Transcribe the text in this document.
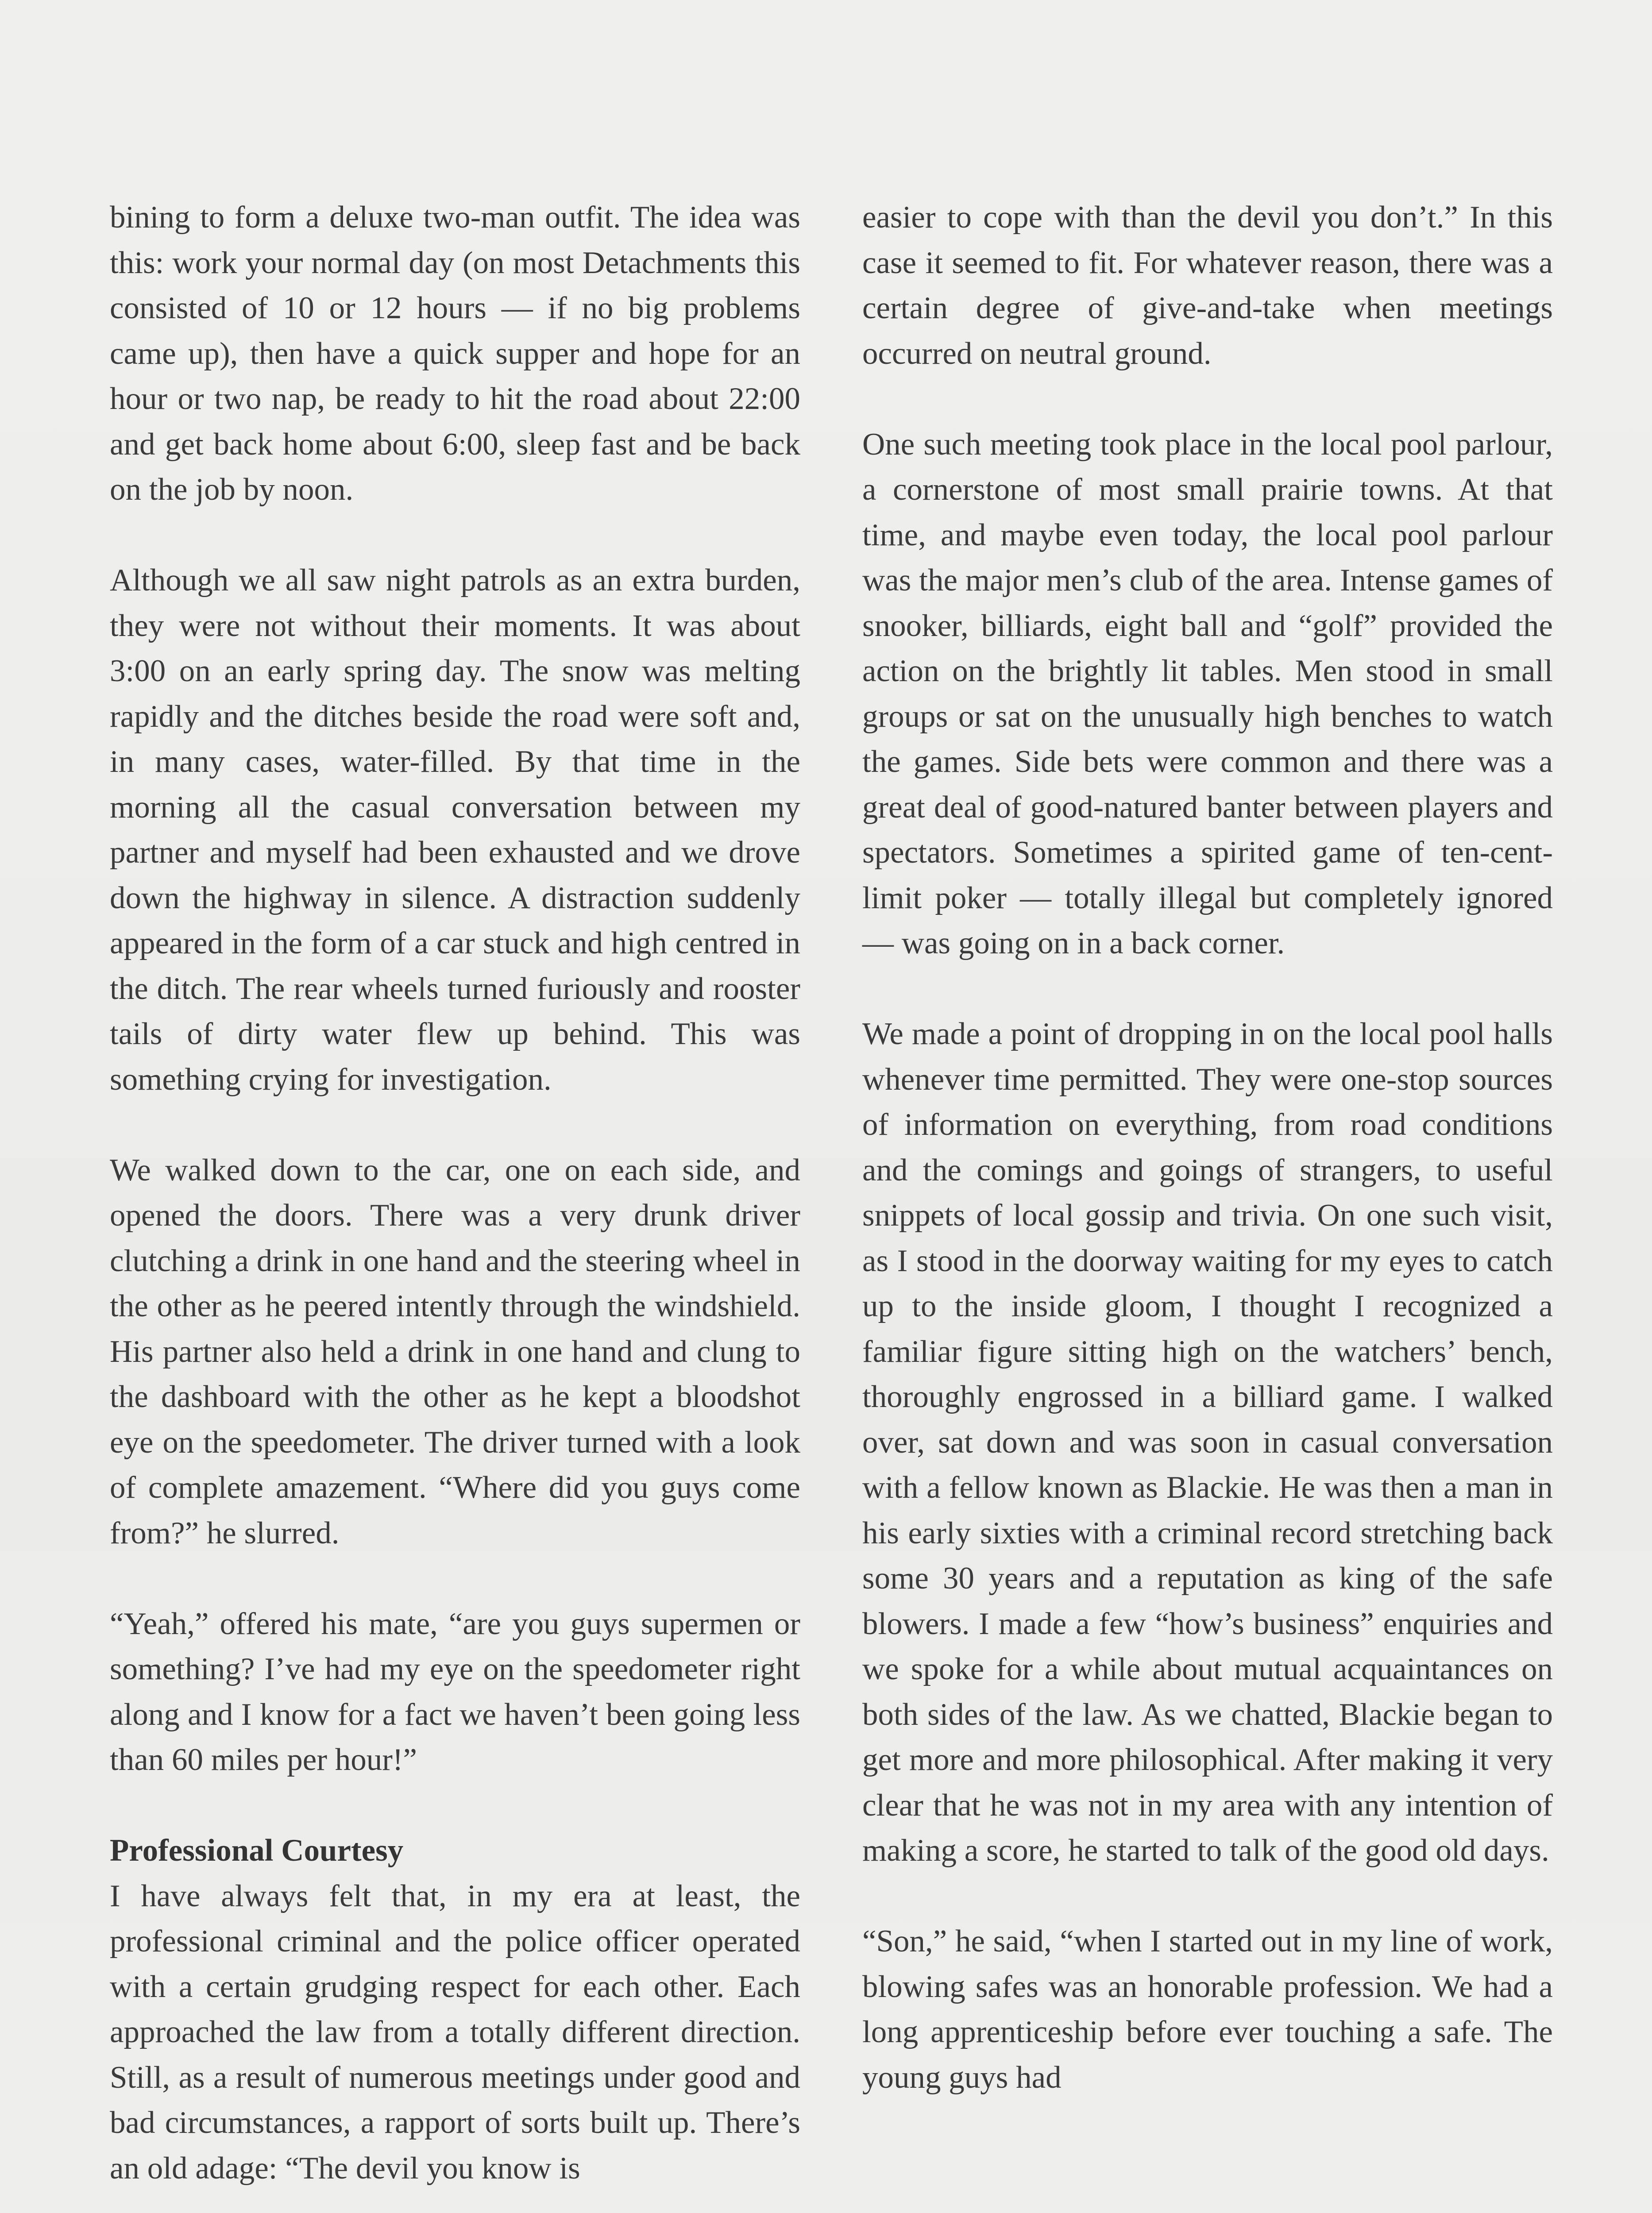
bining to form a deluxe two-man outfit. The idea was this: work your normal day (on most Detachments this consisted of 10 or 12 hours — if no big problems came up), then have a quick supper and hope for an hour or two nap, be ready to hit the road about 22:00 and get back home about 6:00, sleep fast and be back on the job by noon.

Although we all saw night patrols as an extra burden, they were not without their moments. It was about 3:00 on an early spring day. The snow was melting rapidly and the ditches beside the road were soft and, in many cases, water-filled. By that time in the morning all the casual conversation between my partner and myself had been exhausted and we drove down the highway in silence. A distraction suddenly appeared in the form of a car stuck and high centred in the ditch. The rear wheels turned furiously and rooster tails of dirty water flew up behind. This was something crying for investigation.

We walked down to the car, one on each side, and opened the doors. There was a very drunk driver clutching a drink in one hand and the steering wheel in the other as he peered intently through the windshield. His partner also held a drink in one hand and clung to the dashboard with the other as he kept a bloodshot eye on the speedometer. The driver turned with a look of complete amazement. “Where did you guys come from?” he slurred.

“Yeah,” offered his mate, “are you guys supermen or something? I’ve had my eye on the speedometer right along and I know for a fact we haven’t been going less than 60 miles per hour!”

Professional Courtesy

I have always felt that, in my era at least, the professional criminal and the police officer operated with a certain grudging respect for each other. Each approached the law from a totally different direction. Still, as a result of numerous meetings under good and bad circumstances, a rapport of sorts built up. There’s an old adage: “The devil you know is

easier to cope with than the devil you don’t.” In this case it seemed to fit. For whatever reason, there was a certain degree of give-and-take when meetings occurred on neutral ground.

One such meeting took place in the local pool parlour, a cornerstone of most small prairie towns. At that time, and maybe even today, the local pool parlour was the major men’s club of the area. Intense games of snooker, billiards, eight ball and “golf” provided the action on the brightly lit tables. Men stood in small groups or sat on the unusually high benches to watch the games. Side bets were common and there was a great deal of good-natured banter between players and spectators. Sometimes a spirited game of ten-cent-limit poker — totally illegal but completely ignored — was going on in a back corner.

We made a point of dropping in on the local pool halls whenever time permitted. They were one-stop sources of information on everything, from road conditions and the comings and goings of strangers, to useful snippets of local gossip and trivia. On one such visit, as I stood in the doorway waiting for my eyes to catch up to the inside gloom, I thought I recognized a familiar figure sitting high on the watchers’ bench, thoroughly engrossed in a billiard game. I walked over, sat down and was soon in casual conversation with a fellow known as Blackie. He was then a man in his early sixties with a criminal record stretching back some 30 years and a reputation as king of the safe blowers. I made a few “how’s business” enquiries and we spoke for a while about mutual acquaintances on both sides of the law. As we chatted, Blackie began to get more and more philosophical. After making it very clear that he was not in my area with any intention of making a score, he started to talk of the good old days.

“Son,” he said, “when I started out in my line of work, blowing safes was an honorable profession. We had a long apprenticeship before ever touching a safe. The young guys had
